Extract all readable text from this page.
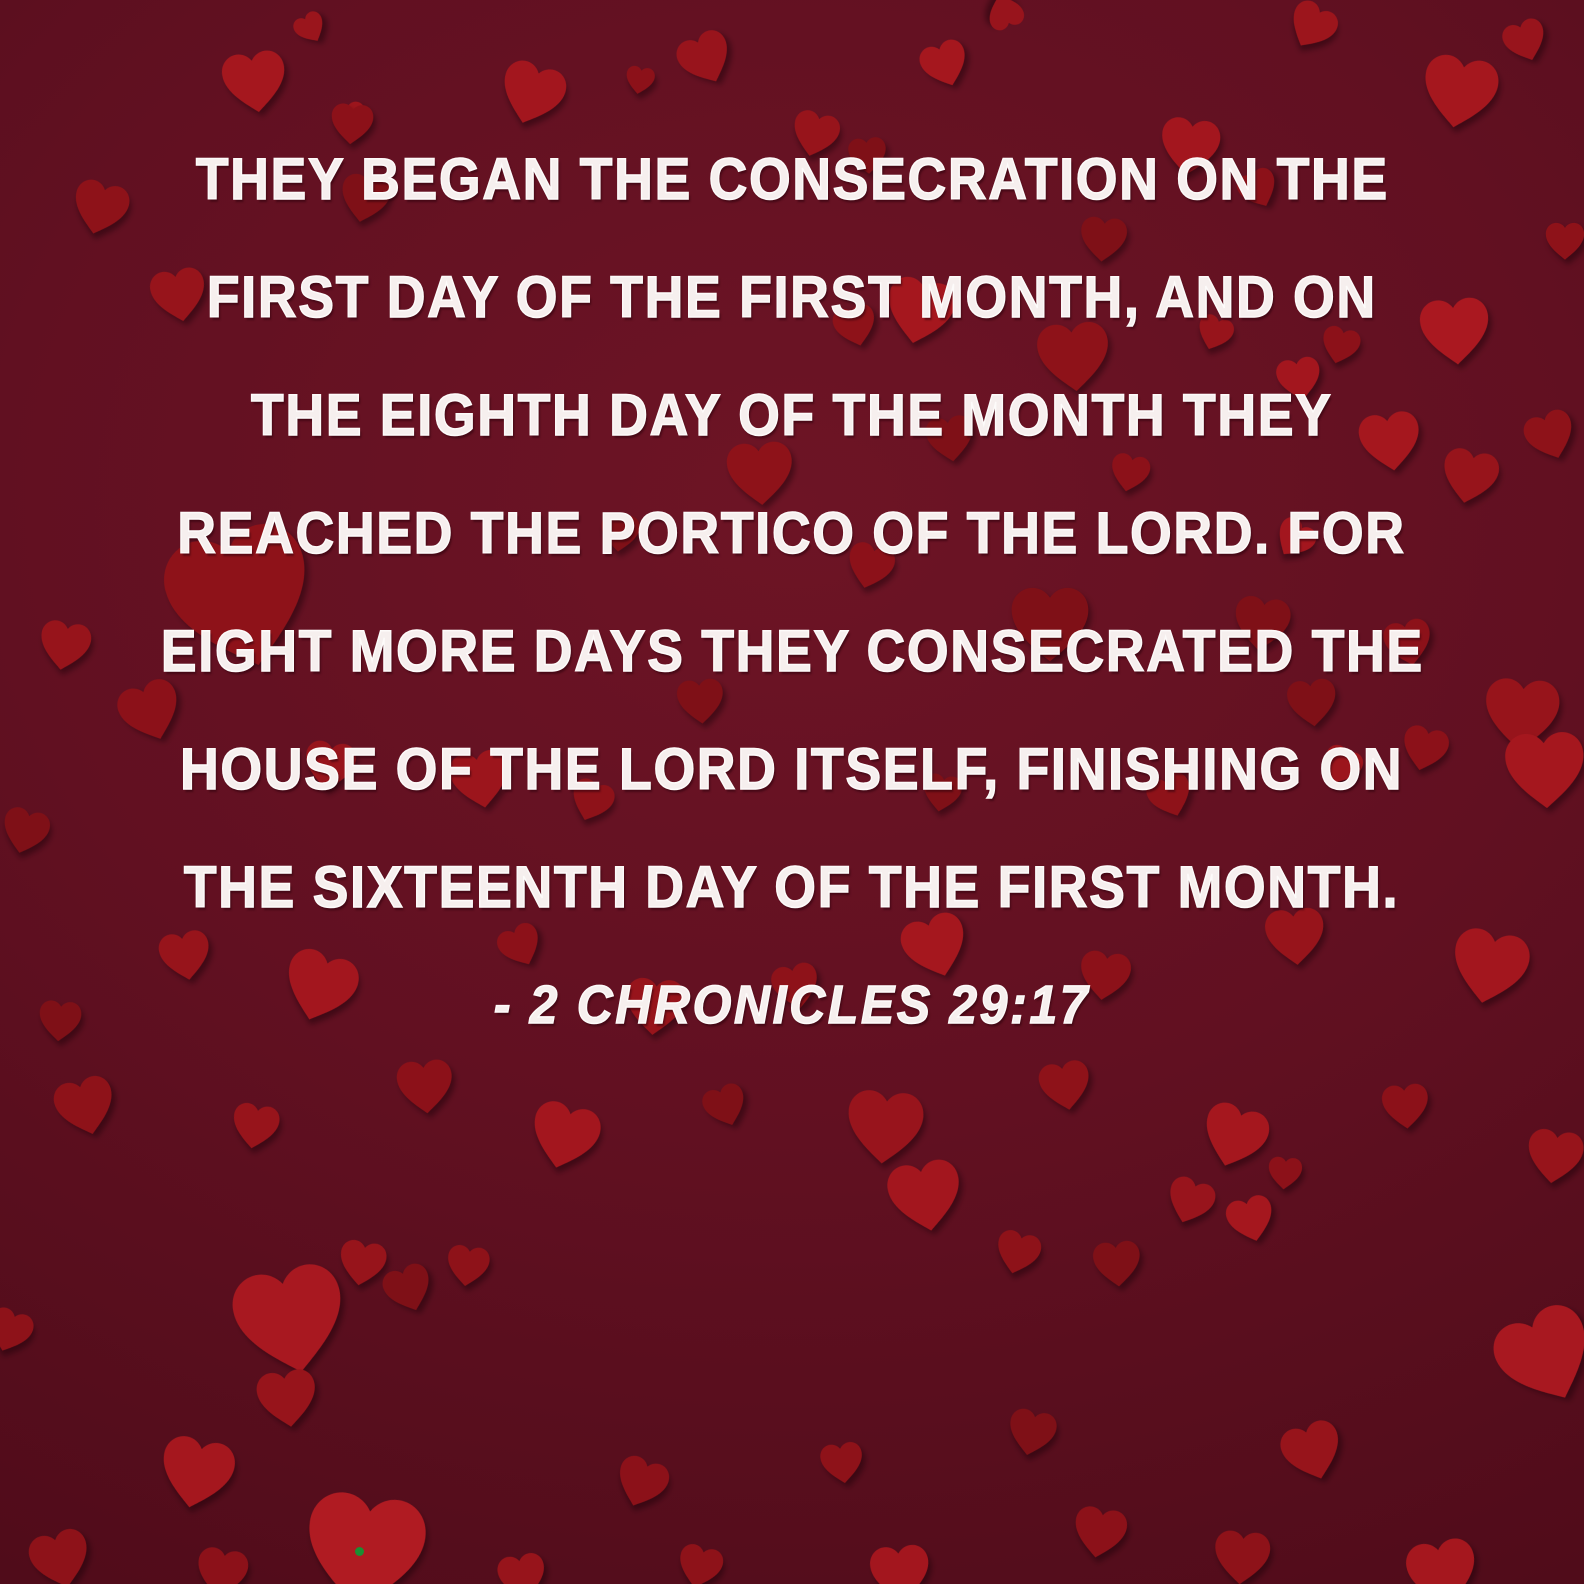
THEY BEGAN THE CONSECRATION ON THE
FIRST DAY OF THE FIRST MONTH, AND ON
THE EIGHTH DAY OF THE MONTH THEY
REACHED THE PORTICO OF THE LORD. FOR
EIGHT MORE DAYS THEY CONSECRATED THE
HOUSE OF THE LORD ITSELF, FINISHING ON
THE SIXTEENTH DAY OF THE FIRST MONTH.
- 2 CHRONICLES 29:17
